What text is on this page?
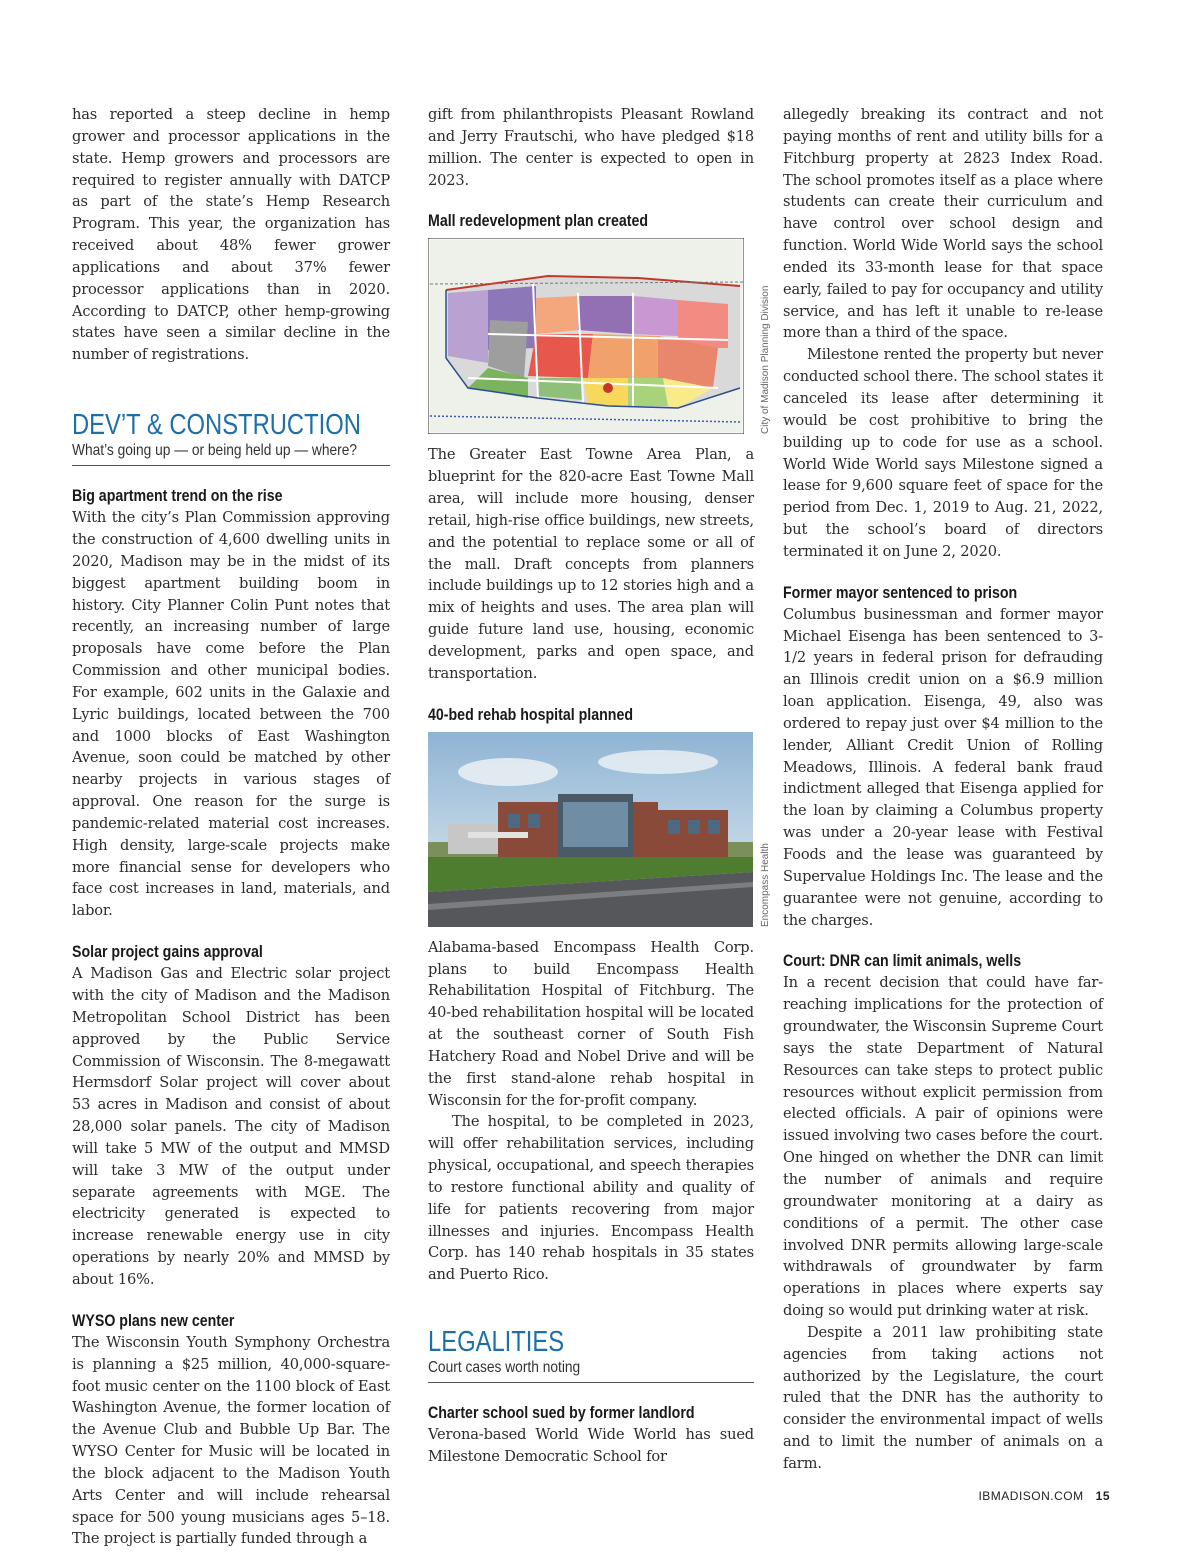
has reported a steep decline in hemp grower and processor applications in the state. Hemp growers and processors are required to register annually with DATCP as part of the state’s Hemp Research Program. This year, the organization has received about 48% fewer grower applications and about 37% fewer processor applications than in 2020. According to DATCP, other hemp-growing states have seen a similar decline in the number of registrations.

DEV’T & CONSTRUCTION
What’s going up — or being held up — where?
Big apartment trend on the rise

With the city’s Plan Commission approving the construction of 4,600 dwelling units in 2020, Madison may be in the midst of its biggest apartment building boom in history. City Planner Colin Punt notes that recently, an increasing number of large proposals have come before the Plan Commission and other municipal bodies. For example, 602 units in the Galaxie and Lyric buildings, located between the 700 and 1000 blocks of East Washington Avenue, soon could be matched by other nearby projects in various stages of approval. One reason for the surge is pandemic-related material cost increases. High density, large-scale projects make more financial sense for developers who face cost increases in land, materials, and labor.

Solar project gains approval

A Madison Gas and Electric solar project with the city of Madison and the Madison Metropolitan School District has been approved by the Public Service Commission of Wisconsin. The 8-megawatt Hermsdorf Solar project will cover about 53 acres in Madison and consist of about 28,000 solar panels. The city of Madison will take 5 MW of the output and MMSD will take 3 MW of the output under separate agreements with MGE. The electricity generated is expected to increase renewable energy use in city operations by nearly 20% and MMSD by about 16%.

WYSO plans new center

The Wisconsin Youth Symphony Orchestra is planning a $25 million, 40,000-square-foot music center on the 1100 block of East Washington Avenue, the former location of the Avenue Club and Bubble Up Bar. The WYSO Center for Music will be located in the block adjacent to the Madison Youth Arts Center and will include rehearsal space for 500 young musicians ages 5–18. The project is partially funded through a

gift from philanthropists Pleasant Rowland and Jerry Frautschi, who have pledged $18 million. The center is expected to open in 2023.

Mall redevelopment plan created
City of Madison Planning Division

The Greater East Towne Area Plan, a blueprint for the 820-acre East Towne Mall area, will include more housing, denser retail, high-rise office buildings, new streets, and the potential to replace some or all of the mall. Draft concepts from planners include buildings up to 12 stories high and a mix of heights and uses. The area plan will guide future land use, housing, economic development, parks and open space, and transportation.

40-bed rehab hospital planned
Encompass Health

Alabama-based Encompass Health Corp. plans to build Encompass Health Rehabilitation Hospital of Fitchburg. The 40-bed rehabilitation hospital will be located at the southeast corner of South Fish Hatchery Road and Nobel Drive and will be the first stand-alone rehab hospital in Wisconsin for the for-profit company.

The hospital, to be completed in 2023, will offer rehabilitation services, including physical, occupational, and speech therapies to restore functional ability and quality of life for patients recovering from major illnesses and injuries. Encompass Health Corp. has 140 rehab hospitals in 35 states and Puerto Rico.

LEGALITIES
Court cases worth noting
Charter school sued by former landlord

Verona-based World Wide World has sued Milestone Democratic School for

allegedly breaking its contract and not paying months of rent and utility bills for a Fitchburg property at 2823 Index Road. The school promotes itself as a place where students can create their curriculum and have control over school design and function. World Wide World says the school ended its 33-month lease for that space early, failed to pay for occupancy and utility service, and has left it unable to re-lease more than a third of the space.

Milestone rented the property but never conducted school there. The school states it canceled its lease after determining it would be cost prohibitive to bring the building up to code for use as a school. World Wide World says Milestone signed a lease for 9,600 square feet of space for the period from Dec. 1, 2019 to Aug. 21, 2022, but the school’s board of directors terminated it on June 2, 2020.

Former mayor sentenced to prison

Columbus businessman and former mayor Michael Eisenga has been sentenced to 3-1/2 years in federal prison for defrauding an Illinois credit union on a $6.9 million loan application. Eisenga, 49, also was ordered to repay just over $4 million to the lender, Alliant Credit Union of Rolling Meadows, Illinois. A federal bank fraud indictment alleged that Eisenga applied for the loan by claiming a Columbus property was under a 20-year lease with Festival Foods and the lease was guaranteed by Supervalue Holdings Inc. The lease and the guarantee were not genuine, according to the charges.

Court: DNR can limit animals, wells

In a recent decision that could have far-reaching implications for the protection of groundwater, the Wisconsin Supreme Court says the state Department of Natural Resources can take steps to protect public resources without explicit permission from elected officials. A pair of opinions were issued involving two cases before the court. One hinged on whether the DNR can limit the number of animals and require groundwater monitoring at a dairy as conditions of a permit. The other case involved DNR permits allowing large-scale withdrawals of groundwater by farm operations in places where experts say doing so would put drinking water at risk.

Despite a 2011 law prohibiting state agencies from taking actions not authorized by the Legislature, the court ruled that the DNR has the authority to consider the environmental impact of wells and to limit the number of animals on a farm.

IBMADISON.COM 15
